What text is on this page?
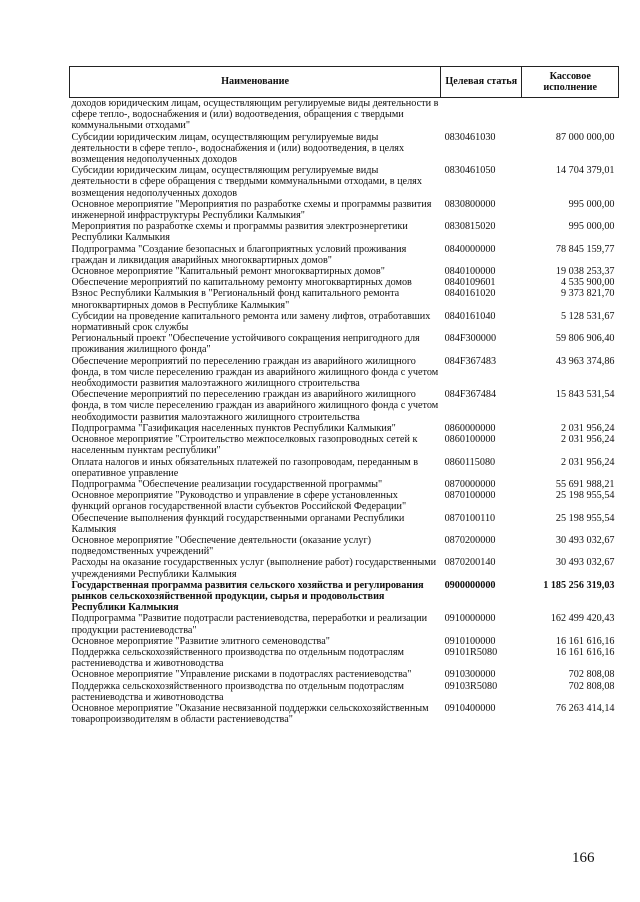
Наименование	Целевая статья	Кассовое исполнение
доходов юридическим лицам, осуществляющим регулируемые виды деятельности в сфере тепло-, водоснабжения и (или) водоотведения, обращения с твердыми коммунальными отходами"		
Субсидии юридическим лицам, осуществляющим регулируемые виды деятельности в сфере тепло-, водоснабжения и (или) водоотведения, в целях возмещения недополученных доходов	0830461030	87 000 000,00
Субсидии юридическим лицам, осуществляющим регулируемые виды деятельности в сфере обращения с твердыми коммунальными отходами, в целях возмещения недополученных доходов	0830461050	14 704 379,01
Основное мероприятие "Мероприятия по разработке схемы и программы развития инженерной инфраструктуры Республики Калмыкия"	0830800000	995 000,00
Мероприятия по разработке схемы и программы развития электроэнергетики Республики Калмыкия	0830815020	995 000,00
Подпрограмма "Создание безопасных и благоприятных условий проживания граждан и ликвидация аварийных многоквартирных домов"	0840000000	78 845 159,77
Основное мероприятие "Капитальный ремонт многоквартирных домов"	0840100000	19 038 253,37
Обеспечение мероприятий по капитальному ремонту многоквартирных домов	0840109601	4 535 900,00
Взнос Республики Калмыкия в "Региональный фонд капитального ремонта многоквартирных домов в Республике Калмыкия"	0840161020	9 373 821,70
Субсидии на проведение капитального ремонта или замену лифтов, отработавших нормативный срок службы	0840161040	5 128 531,67
Региональный проект "Обеспечение устойчивого сокращения непригодного для проживания жилищного фонда"	084F300000	59 806 906,40
Обеспечение мероприятий по переселению граждан из аварийного жилищного фонда, в том числе переселению граждан из аварийного жилищного фонда с учетом необходимости развития малоэтажного жилищного строительства	084F367483	43 963 374,86
Обеспечение мероприятий по переселению граждан из аварийного жилищного фонда, в том числе переселению граждан из аварийного жилищного фонда с учетом необходимости развития малоэтажного жилищного строительства	084F367484	15 843 531,54
Подпрограмма "Газификация населенных пунктов Республики Калмыкия"	0860000000	2 031 956,24
Основное мероприятие "Строительство межпоселковых газопроводных сетей к населенным пунктам республики"	0860100000	2 031 956,24
Оплата налогов и иных обязательных платежей по газопроводам, переданным в оперативное управление	0860115080	2 031 956,24
Подпрограмма "Обеспечение реализации государственной программы"	0870000000	55 691 988,21
Основное мероприятие "Руководство и управление в сфере установленных функций органов государственной власти субъектов Российской Федерации"	0870100000	25 198 955,54
Обеспечение выполнения функций государственными органами Республики Калмыкия	0870100110	25 198 955,54
Основное мероприятие "Обеспечение деятельности (оказание услуг) подведомственных учреждений"	0870200000	30 493 032,67
Расходы на оказание государственных услуг (выполнение работ) государственными учреждениями Республики Калмыкия	0870200140	30 493 032,67
Государственная программа развития сельского хозяйства и регулирования рынков сельскохозяйственной продукции, сырья и продовольствия Республики Калмыкия	0900000000	1 185 256 319,03
Подпрограмма "Развитие подотрасли растениеводства, переработки и реализации продукции растениеводства"	0910000000	162 499 420,43
Основное мероприятие "Развитие элитного семеноводства"	0910100000	16 161 616,16
Поддержка сельскохозяйственного производства по отдельным подотраслям растениеводства и животноводства	09101R5080	16 161 616,16
Основное мероприятие "Управление рисками в подотраслях растениеводства"	0910300000	702 808,08
Поддержка сельскохозяйственного производства по отдельным подотраслям растениеводства и животноводства	09103R5080	702 808,08
Основное мероприятие "Оказание несвязанной поддержки сельскохозяйственным товаропроизводителям в области растениеводства"	0910400000	76 263 414,14
166
